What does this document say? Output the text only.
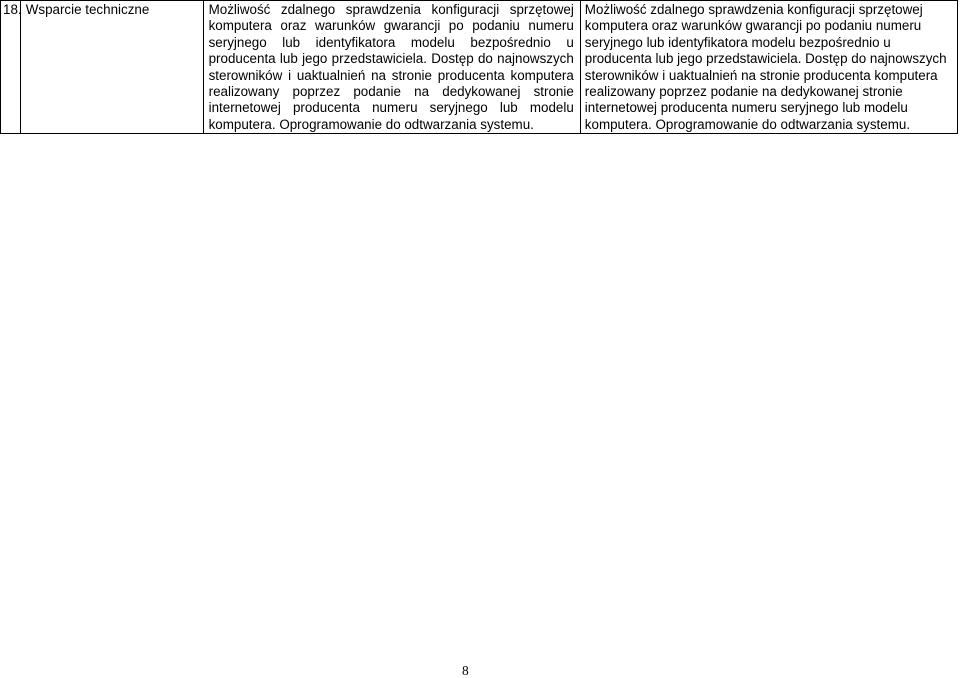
18.	Wsparcie techniczne	Możliwość zdalnego sprawdzenia konfiguracji sprzętowej komputera oraz warunków gwarancji po podaniu numeru seryjnego lub identyfikatora modelu bezpośrednio u producenta lub jego przedstawiciela. Dostęp do najnowszych sterowników i uaktualnień na stronie producenta komputera realizowany poprzez podanie na dedykowanej stronie internetowej producenta numeru seryjnego lub modelu komputera. Oprogramowanie do odtwarzania systemu.	Możliwość zdalnego sprawdzenia konfiguracji sprzętowej komputera oraz warunków gwarancji po podaniu numeru seryjnego lub identyfikatora modelu bezpośrednio u producenta lub jego przedstawiciela. Dostęp do najnowszych sterowników i uaktualnień na stronie producenta komputera realizowany poprzez podanie na dedykowanej stronie internetowej producenta numeru seryjnego lub modelu komputera. Oprogramowanie do odtwarzania systemu.
8
